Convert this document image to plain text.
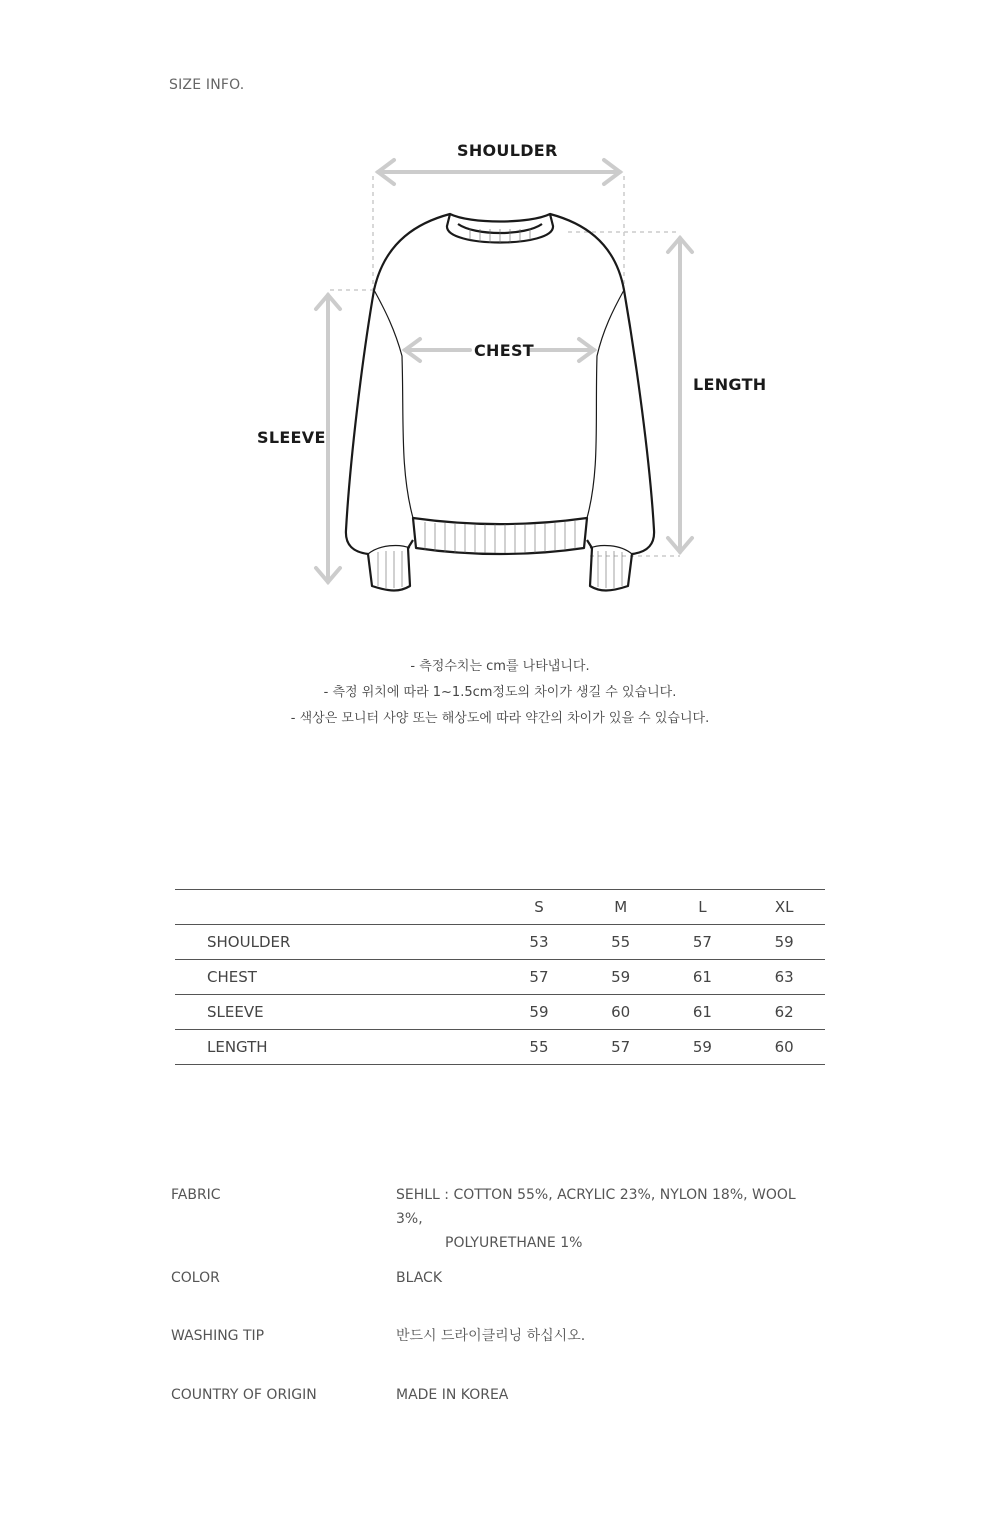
SIZE INFO.
SHOULDER
CHEST
LENGTH
SLEEVE
- 측정수치는 cm를 나타냅니다.
- 측정 위치에 따라 1~1.5cm정도의 차이가 생길 수 있습니다.
- 색상은 모니터 사양 또는 해상도에 따라 약간의 차이가 있을 수 있습니다.
	S	M	L	XL
SHOULDER	53	55	57	59
CHEST	57	59	61	63
SLEEVE	59	60	61	62
LENGTH	55	57	59	60
FABRIC	SEHLL : COTTON 55%, ACRYLIC 23%, NYLON 18%, WOOL 3%,
POLYURETHANE 1%
COLOR	BLACK
WASHING TIP	반드시 드라이클리닝 하십시오.
COUNTRY OF ORIGIN	MADE IN KOREA
